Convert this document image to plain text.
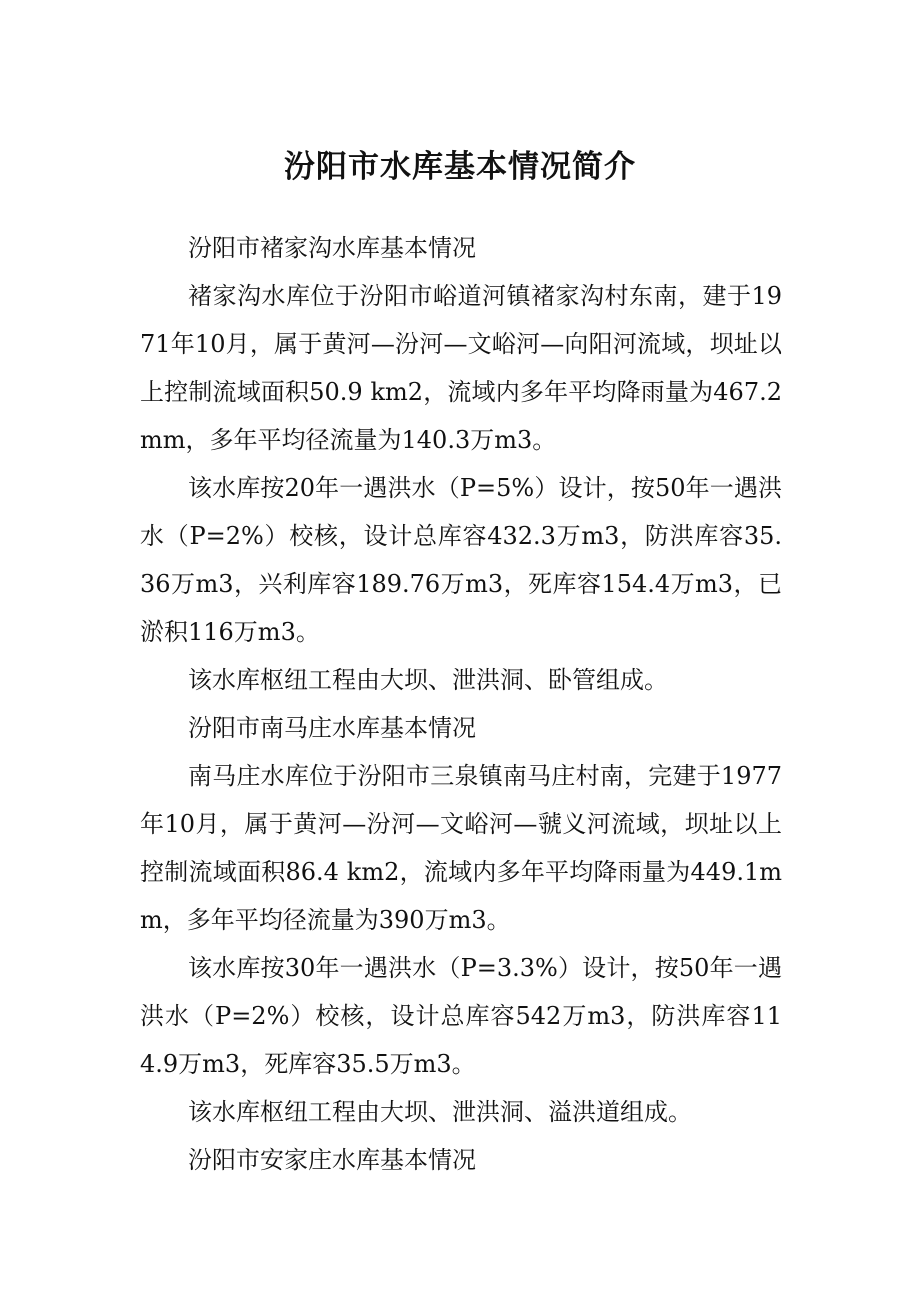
汾阳市水库基本情况简介

汾阳市褚家沟水库基本情况

褚家沟水库位于汾阳市峪道河镇褚家沟村东南，建于1971年10月，属于黄河—汾河—文峪河—向阳河流域，坝址以上控制流域面积50.9 km2，流域内多年平均降雨量为467.2mm，多年平均径流量为140.3万m3。

该水库按20年一遇洪水（P=5%）设计，按50年一遇洪水（P=2%）校核，设计总库容432.3万m3，防洪库容35.36万m3，兴利库容189.76万m3，死库容154.4万m3，已淤积116万m3。

该水库枢纽工程由大坝、泄洪洞、卧管组成。

汾阳市南马庄水库基本情况

南马庄水库位于汾阳市三泉镇南马庄村南，完建于1977年10月，属于黄河—汾河—文峪河—虢义河流域，坝址以上控制流域面积86.4 km2，流域内多年平均降雨量为449.1mm，多年平均径流量为390万m3。

该水库按30年一遇洪水（P=3.3%）设计，按50年一遇洪水（P=2%）校核，设计总库容542万m3，防洪库容114.9万m3，死库容35.5万m3。

该水库枢纽工程由大坝、泄洪洞、溢洪道组成。

汾阳市安家庄水库基本情况
